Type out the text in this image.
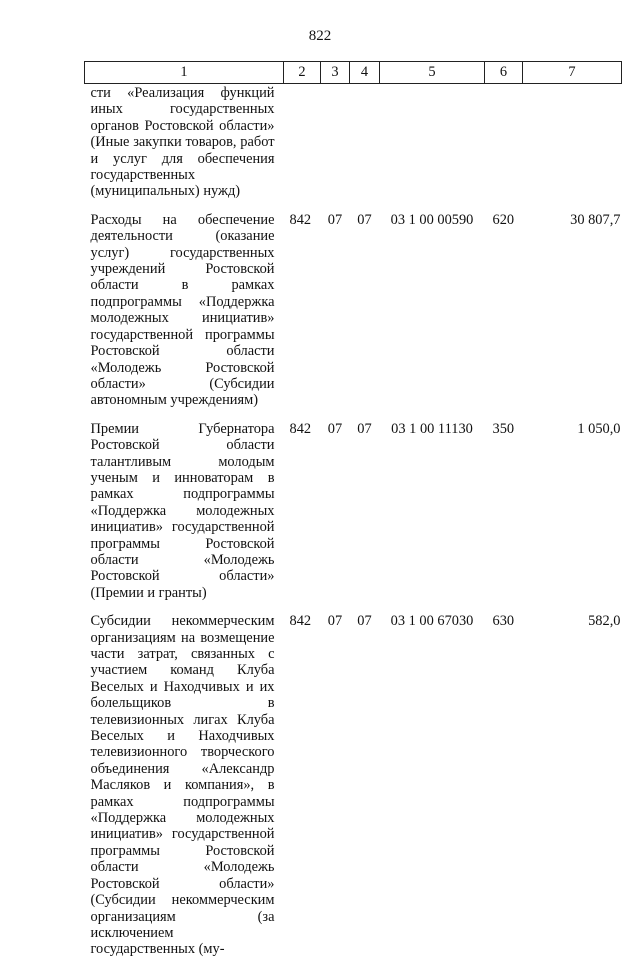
822
1	2	3	4	5	6	7
сти «Реализация функций иных государственных органов Ростовской области» (Иные закупки товаров, работ и услуг для обеспечения государственных (муниципальных) нужд)						
Расходы на обеспечение деятельности (оказание услуг) государственных учреждений Ростовской области в рамках подпрограммы «Поддержка молодежных инициатив» государственной программы Ростовской области «Молодежь Ростовской области» (Субсидии автономным учреждениям)	842	07	07	03 1 00 00590	620	30 807,7
Премии Губернатора Ростовской области талантливым молодым ученым и инноваторам в рамках подпрограммы «Поддержка молодежных инициатив» государственной программы Ростовской области «Молодежь Ростовской области» (Премии и гранты)	842	07	07	03 1 00 11130	350	1 050,0
Субсидии некоммерческим организациям на возмещение части затрат, связанных с участием команд Клуба Веселых и Находчивых и их болельщиков в телевизионных лигах Клуба Веселых и Находчивых телевизионного творческого объединения «Александр Масляков и компания», в рамках подпрограммы «Поддержка молодежных инициатив» государственной программы Ростовской области «Молодежь Ростовской области» (Субсидии некоммерческим организациям (за исключением государственных (му-	842	07	07	03 1 00 67030	630	582,0
